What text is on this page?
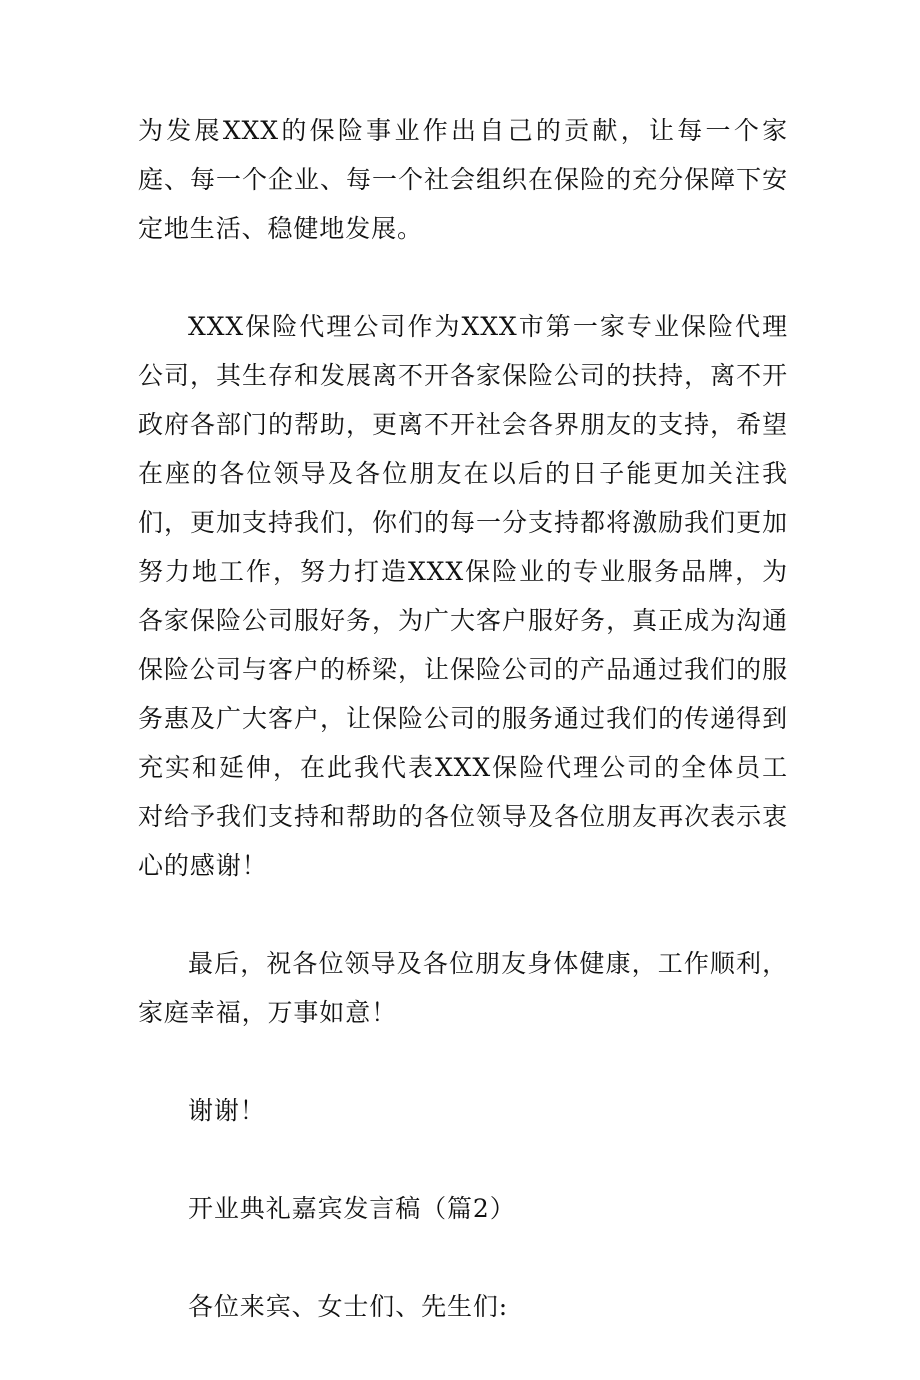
为发展XXX的保险事业作出自己的贡献，让每一个家庭、每一个企业、每一个社会组织在保险的充分保障下安定地生活、稳健地发展。

XXX保险代理公司作为XXX市第一家专业保险代理公司，其生存和发展离不开各家保险公司的扶持，离不开政府各部门的帮助，更离不开社会各界朋友的支持，希望在座的各位领导及各位朋友在以后的日子能更加关注我们，更加支持我们，你们的每一分支持都将激励我们更加努力地工作，努力打造XXX保险业的专业服务品牌，为各家保险公司服好务，为广大客户服好务，真正成为沟通保险公司与客户的桥梁，让保险公司的产品通过我们的服务惠及广大客户，让保险公司的服务通过我们的传递得到充实和延伸，在此我代表XXX保险代理公司的全体员工对给予我们支持和帮助的各位领导及各位朋友再次表示衷心的感谢！

最后，祝各位领导及各位朋友身体健康，工作顺利，家庭幸福，万事如意！

谢谢！

开业典礼嘉宾发言稿（篇2）

各位来宾、女士们、先生们:
